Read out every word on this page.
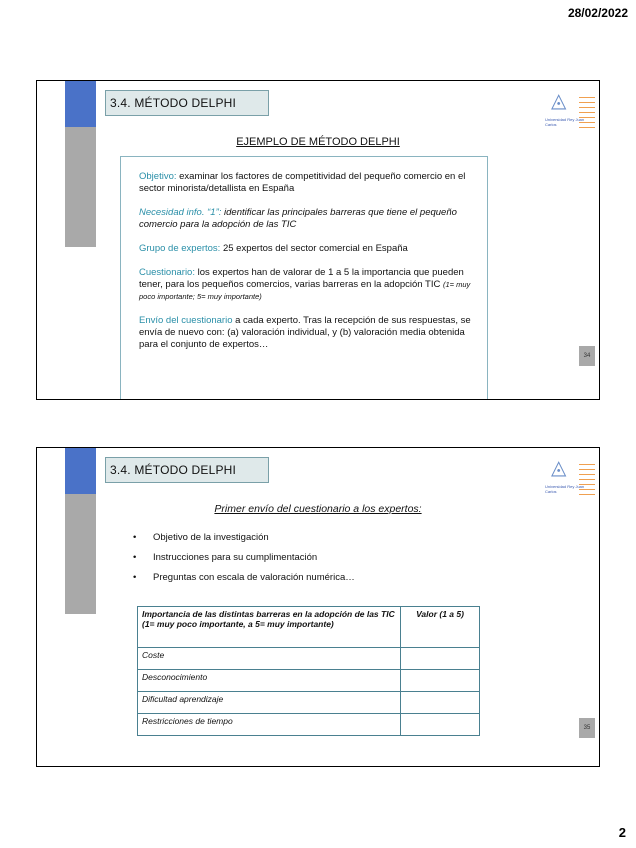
28/02/2022
3.4. MÉTODO DELPHI	◬
Universidad Rey Juan Carlos
EJEMPLO DE MÉTODO DELPHI

Objetivo: examinar los factores de competitividad del pequeño comercio en el sector minorista/detallista en España

Necesidad info. “1”: identificar las principales barreras que tiene el pequeño comercio para la adopción de las TIC

Grupo de expertos: 25 expertos del sector comercial en España

Cuestionario: los expertos han de valorar de 1 a 5 la importancia que pueden tener, para los pequeños comercios, varias barreras en la adopción TIC (1= muy poco importante; 5= muy importante)

Envío del cuestionario a cada experto. Tras la recepción de sus respuestas, se envía de nuevo con: (a) valoración individual, y (b) valoración media obtenida para el conjunto de expertos…

34
3.4. MÉTODO DELPHI	◬
Universidad Rey Juan Carlos
Primer envío del cuestionario a los expertos:
• Objetivo de la investigación
• Instrucciones para su cumplimentación
• Preguntas con escala de valoración numérica…
Importancia de las distintas barreras en la adopción de las TIC (1= muy poco importante, a 5= muy importante)	Valor (1 a 5)
Coste	
Desconocimiento	
Dificultad aprendizaje	
Restricciones de tiempo	
35
2
